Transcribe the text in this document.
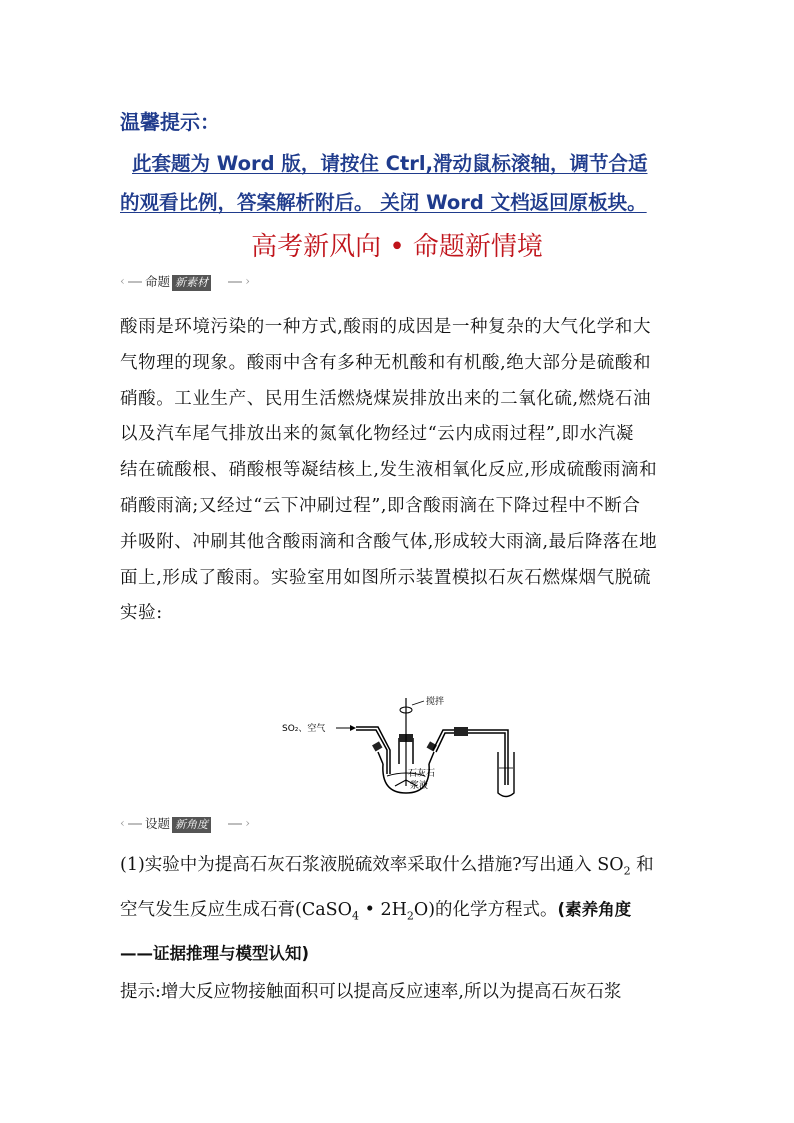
温馨提示：
此套题为 Word 版，请按住 Ctrl,滑动鼠标滚轴，调节合适
的观看比例，答案解析附后。 关闭 Word 文档返回原板块。
高考新风向 • 命题新情境
‹	›
命题 新素材
酸雨是环境污染的一种方式,酸雨的成因是一种复杂的大气化学和大
气物理的现象。酸雨中含有多种无机酸和有机酸,绝大部分是硫酸和
硝酸。工业生产、民用生活燃烧煤炭排放出来的二氧化硫,燃烧石油
以及汽车尾气排放出来的氮氧化物经过“云内成雨过程”,即水汽凝
结在硫酸根、硝酸根等凝结核上,发生液相氧化反应,形成硫酸雨滴和
硝酸雨滴;又经过“云下冲刷过程”,即含酸雨滴在下降过程中不断合
并吸附、冲刷其他含酸雨滴和含酸气体,形成较大雨滴,最后降落在地
面上,形成了酸雨。实验室用如图所示装置模拟石灰石燃煤烟气脱硫
实验:
SO₂、空气
搅拌
石灰石
浆液
‹	›
设题 新角度
(1)实验中为提高石灰石浆液脱硫效率采取什么措施?写出通入 $SO_2$ 和
空气发生反应生成石膏(CaSO$_4$ • $2H_2O$)的化学方程式。(素养角度
——证据推理与模型认知)
提示:增大反应物接触面积可以提高反应速率,所以为提高石灰石浆
